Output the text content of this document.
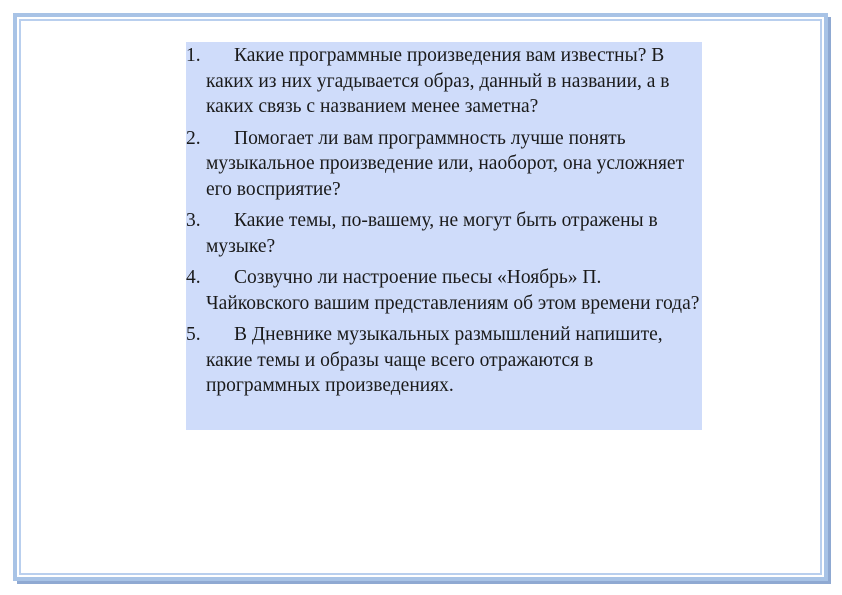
1.	Какие программные произведения вам известны? В каких из них угадывается образ, данный в названии, а в каких связь с названием менее заметна?
2.	Помогает ли вам программность лучше понять музыкальное произведение или, наоборот, она усложняет его восприятие?
3.	Какие темы, по-вашему, не могут быть отражены в музыке?
4.	Созвучно ли настроение пьесы «Ноябрь» П. Чайковского вашим представлениям об этом времени года?
5.	В Дневнике музыкальных размышлений напишите, какие темы и образы чаще всего отражаются в программных произведениях.
